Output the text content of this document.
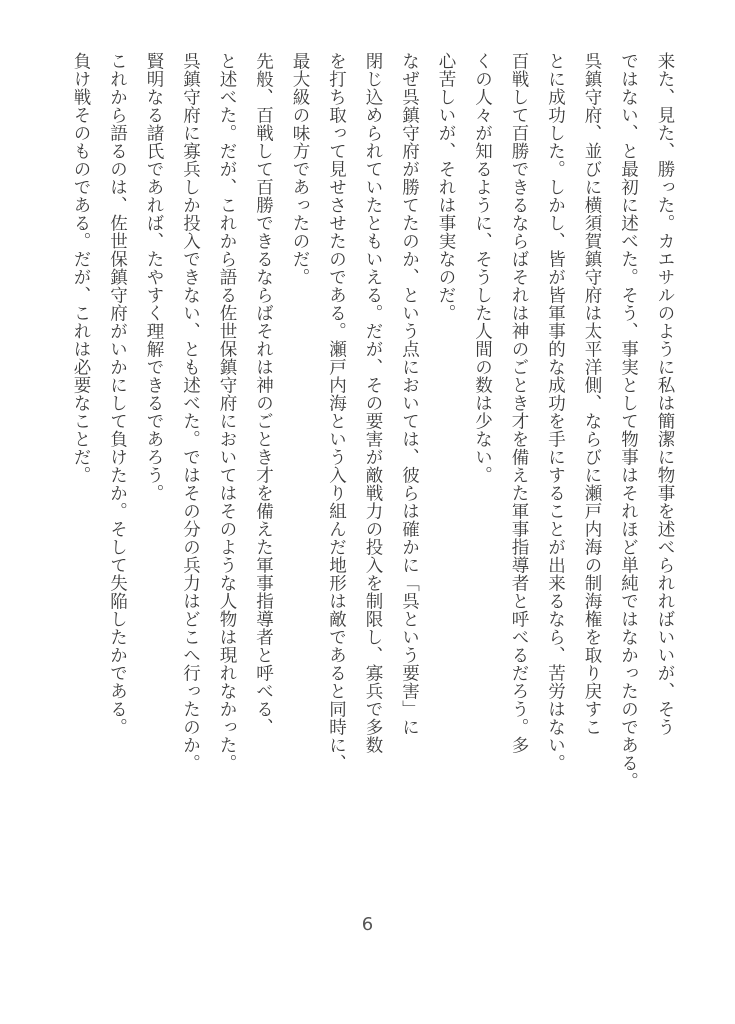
来た、見た、勝った。カエサルのように私は簡潔に物事を述べられればいいが、そう
ではない、と最初に述べた。そう、事実として物事はそれほど単純ではなかったのである。
呉鎮守府、並びに横須賀鎮守府は太平洋側、ならびに瀬戸内海の制海権を取り戻すこ
とに成功した。しかし、皆が皆軍事的な成功を手にすることが出来るなら、苦労はない。
百戦して百勝できるならばそれは神のごとき才を備えた軍事指導者と呼べるだろう。多
くの人々が知るように、そうした人間の数は少ない。
心苦しいが、それは事実なのだ。
なぜ呉鎮守府が勝てたのか、という点においては、彼らは確かに「呉という要害」に
閉じ込められていたともいえる。だが、その要害が敵戦力の投入を制限し、寡兵で多数
を打ち取って見せさせたのである。瀬戸内海という入り組んだ地形は敵であると同時に、
最大級の味方であったのだ。
先般、百戦して百勝できるならばそれは神のごとき才を備えた軍事指導者と呼べる、
と述べた。だが、これから語る佐世保鎮守府においてはそのような人物は現れなかった。
呉鎮守府に寡兵しか投入できない、とも述べた。ではその分の兵力はどこへ行ったのか。
賢明なる諸氏であれば、たやすく理解できるであろう。
これから語るのは、佐世保鎮守府がいかにして負けたか。そして失陥したかである。
負け戦そのものである。だが、これは必要なことだ。
6
